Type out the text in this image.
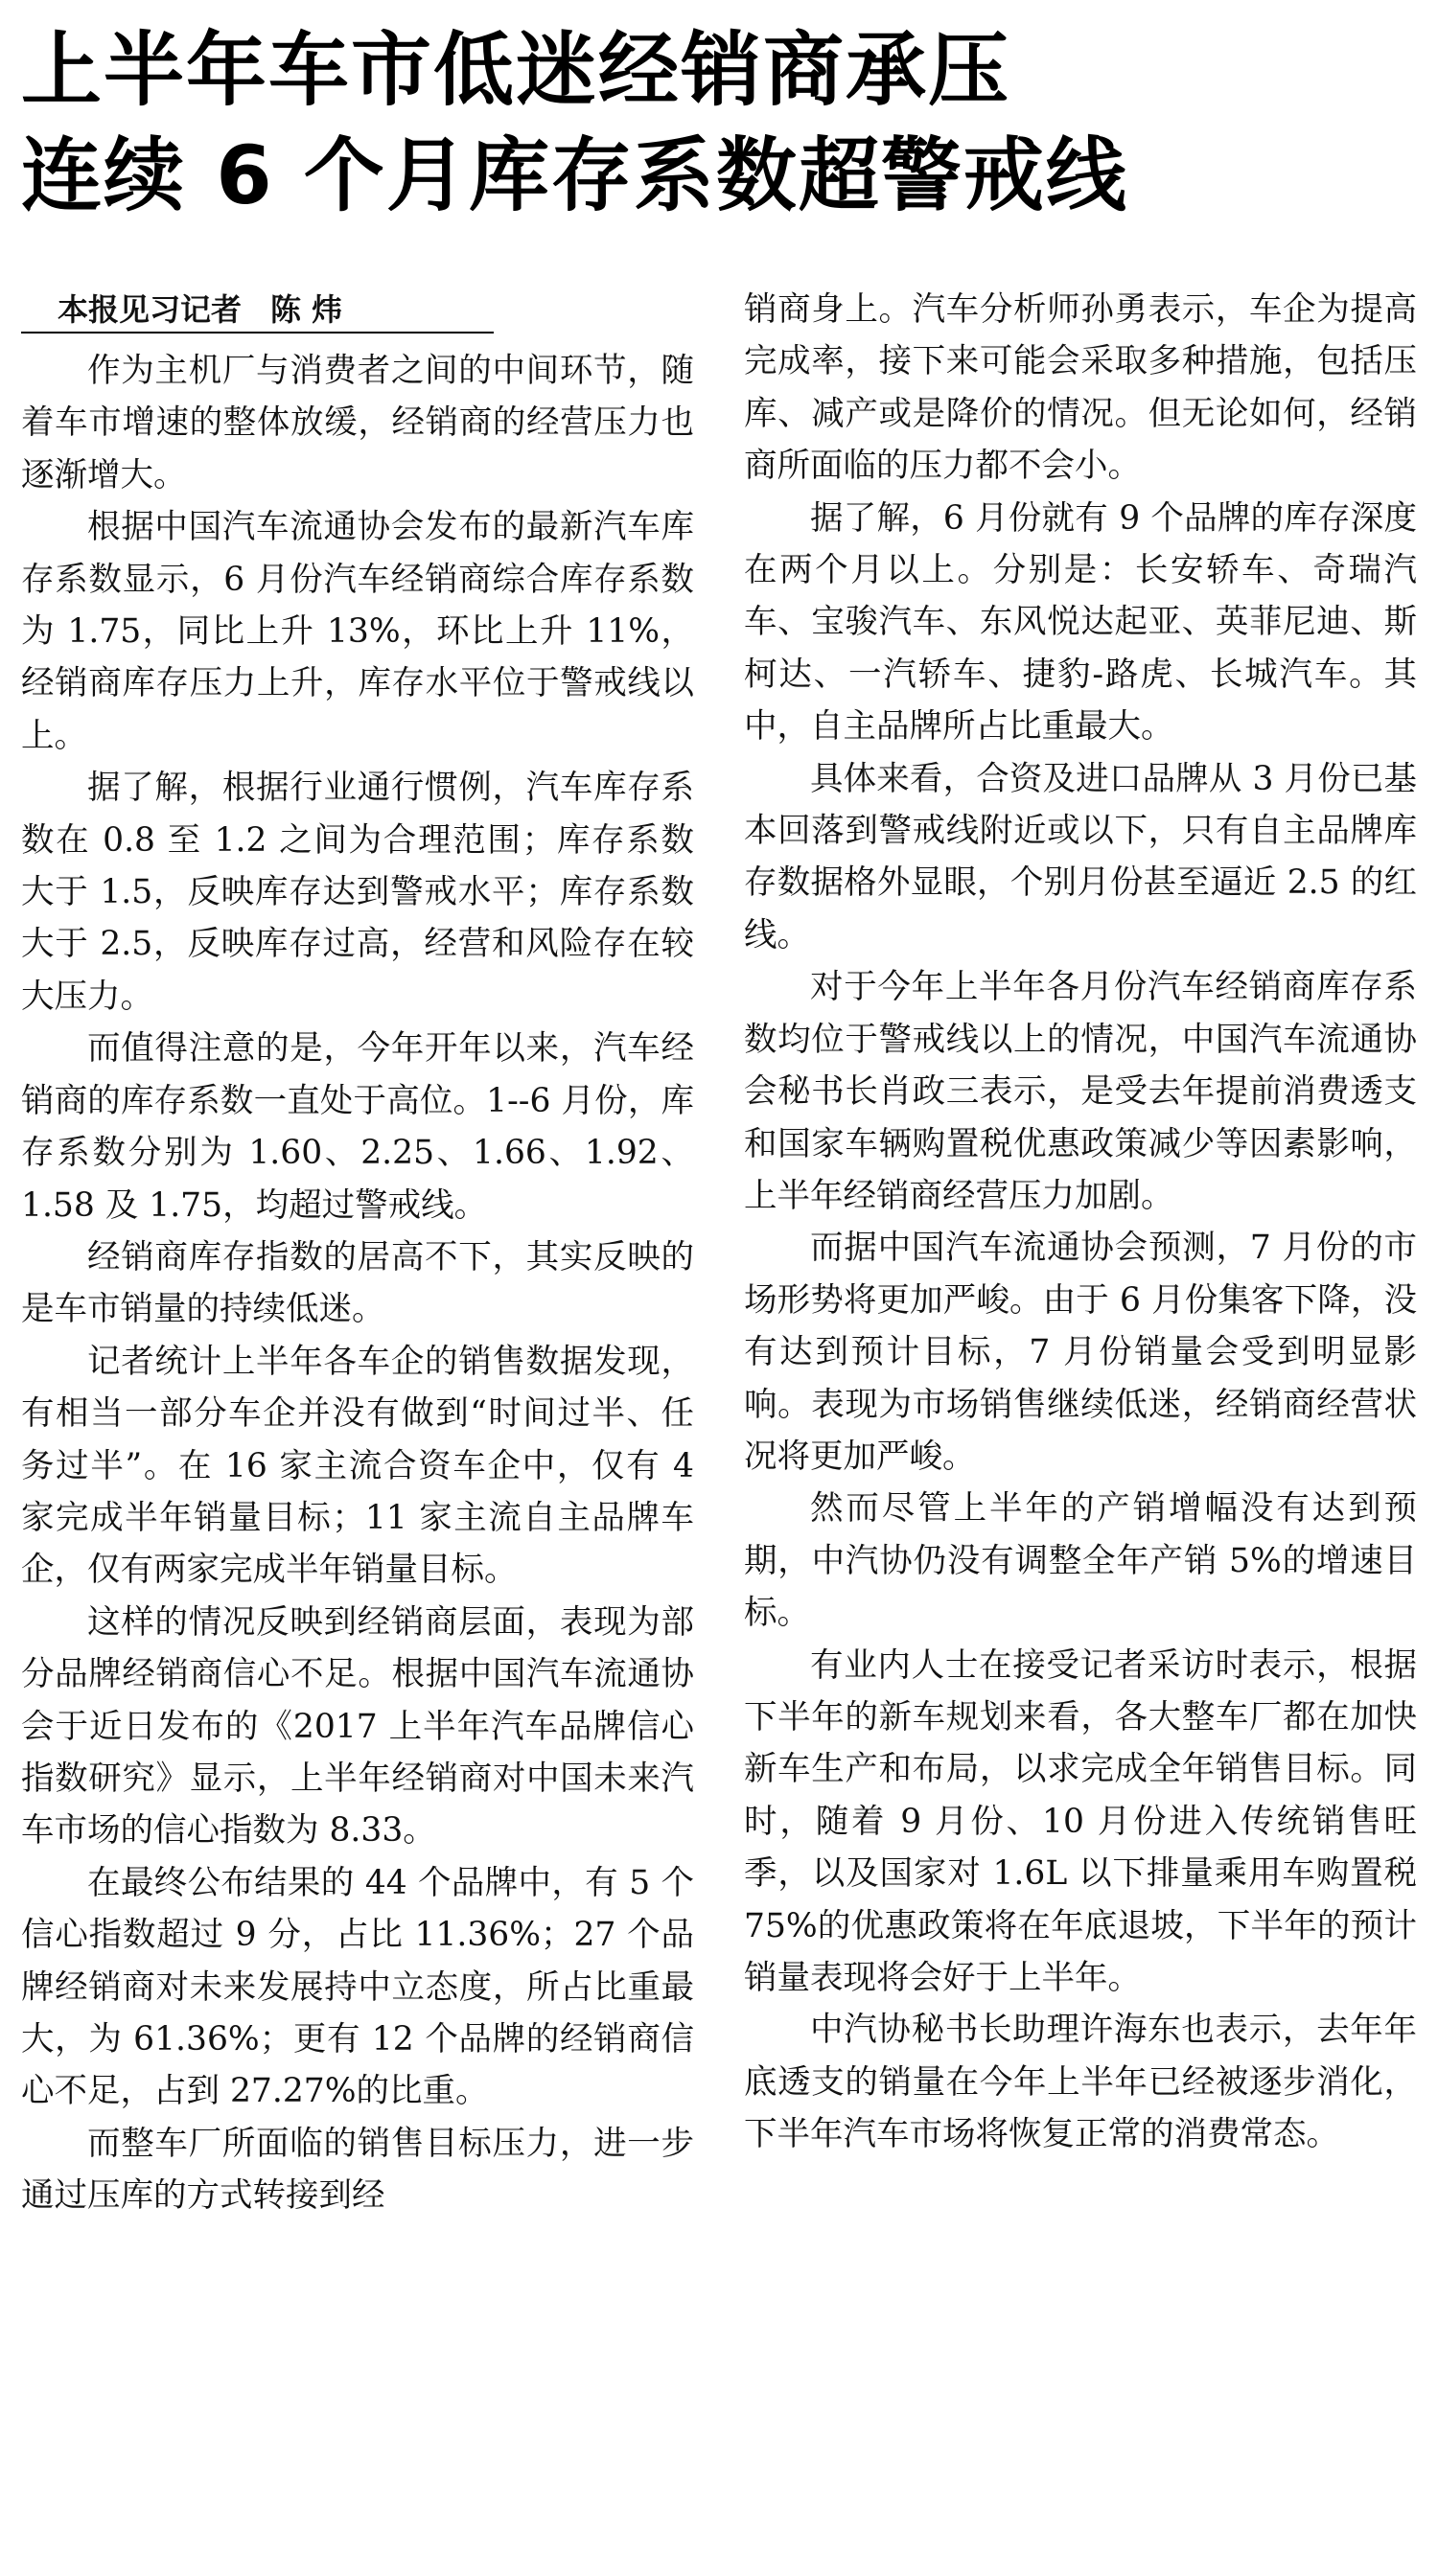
上半年车市低迷经销商承压
连续 6 个月库存系数超警戒线
本报见习记者 陈 炜

作为主机厂与消费者之间的中间环节，随着车市增速的整体放缓，经销商的经营压力也逐渐增大。

根据中国汽车流通协会发布的最新汽车库存系数显示，6 月份汽车经销商综合库存系数为 1.75，同比上升 13%，环比上升 11%，经销商库存压力上升，库存水平位于警戒线以上。

据了解，根据行业通行惯例，汽车库存系数在 0.8 至 1.2 之间为合理范围；库存系数大于 1.5，反映库存达到警戒水平；库存系数大于 2.5，反映库存过高，经营和风险存在较大压力。

而值得注意的是，今年开年以来，汽车经销商的库存系数一直处于高位。1--6 月份，库存系数分别为 1.60、2.25、1.66、1.92、1.58 及 1.75，均超过警戒线。

经销商库存指数的居高不下，其实反映的是车市销量的持续低迷。

记者统计上半年各车企的销售数据发现，有相当一部分车企并没有做到“时间过半、任务过半”。在 16 家主流合资车企中，仅有 4 家完成半年销量目标；11 家主流自主品牌车企，仅有两家完成半年销量目标。

这样的情况反映到经销商层面，表现为部分品牌经销商信心不足。根据中国汽车流通协会于近日发布的《2017 上半年汽车品牌信心指数研究》显示，上半年经销商对中国未来汽车市场的信心指数为 8.33。

在最终公布结果的 44 个品牌中，有 5 个信心指数超过 9 分，占比 11.36%；27 个品牌经销商对未来发展持中立态度，所占比重最大，为 61.36%；更有 12 个品牌的经销商信心不足，占到 27.27%的比重。

而整车厂所面临的销售目标压力，进一步通过压库的方式转接到经

销商身上。汽车分析师孙勇表示，车企为提高完成率，接下来可能会采取多种措施，包括压库、减产或是降价的情况。但无论如何，经销商所面临的压力都不会小。

据了解，6 月份就有 9 个品牌的库存深度在两个月以上。分别是：长安轿车、奇瑞汽车、宝骏汽车、东风悦达起亚、英菲尼迪、斯柯达、一汽轿车、捷豹-路虎、长城汽车。其中，自主品牌所占比重最大。

具体来看，合资及进口品牌从 3 月份已基本回落到警戒线附近或以下，只有自主品牌库存数据格外显眼，个别月份甚至逼近 2.5 的红线。

对于今年上半年各月份汽车经销商库存系数均位于警戒线以上的情况，中国汽车流通协会秘书长肖政三表示，是受去年提前消费透支和国家车辆购置税优惠政策减少等因素影响，上半年经销商经营压力加剧。

而据中国汽车流通协会预测，7 月份的市场形势将更加严峻。由于 6 月份集客下降，没有达到预计目标，7 月份销量会受到明显影响。表现为市场销售继续低迷，经销商经营状况将更加严峻。

然而尽管上半年的产销增幅没有达到预期，中汽协仍没有调整全年产销 5%的增速目标。

有业内人士在接受记者采访时表示，根据下半年的新车规划来看，各大整车厂都在加快新车生产和布局，以求完成全年销售目标。同时，随着 9 月份、10 月份进入传统销售旺季，以及国家对 1.6L 以下排量乘用车购置税 75%的优惠政策将在年底退坡，下半年的预计销量表现将会好于上半年。

中汽协秘书长助理许海东也表示，去年年底透支的销量在今年上半年已经被逐步消化，下半年汽车市场将恢复正常的消费常态。
